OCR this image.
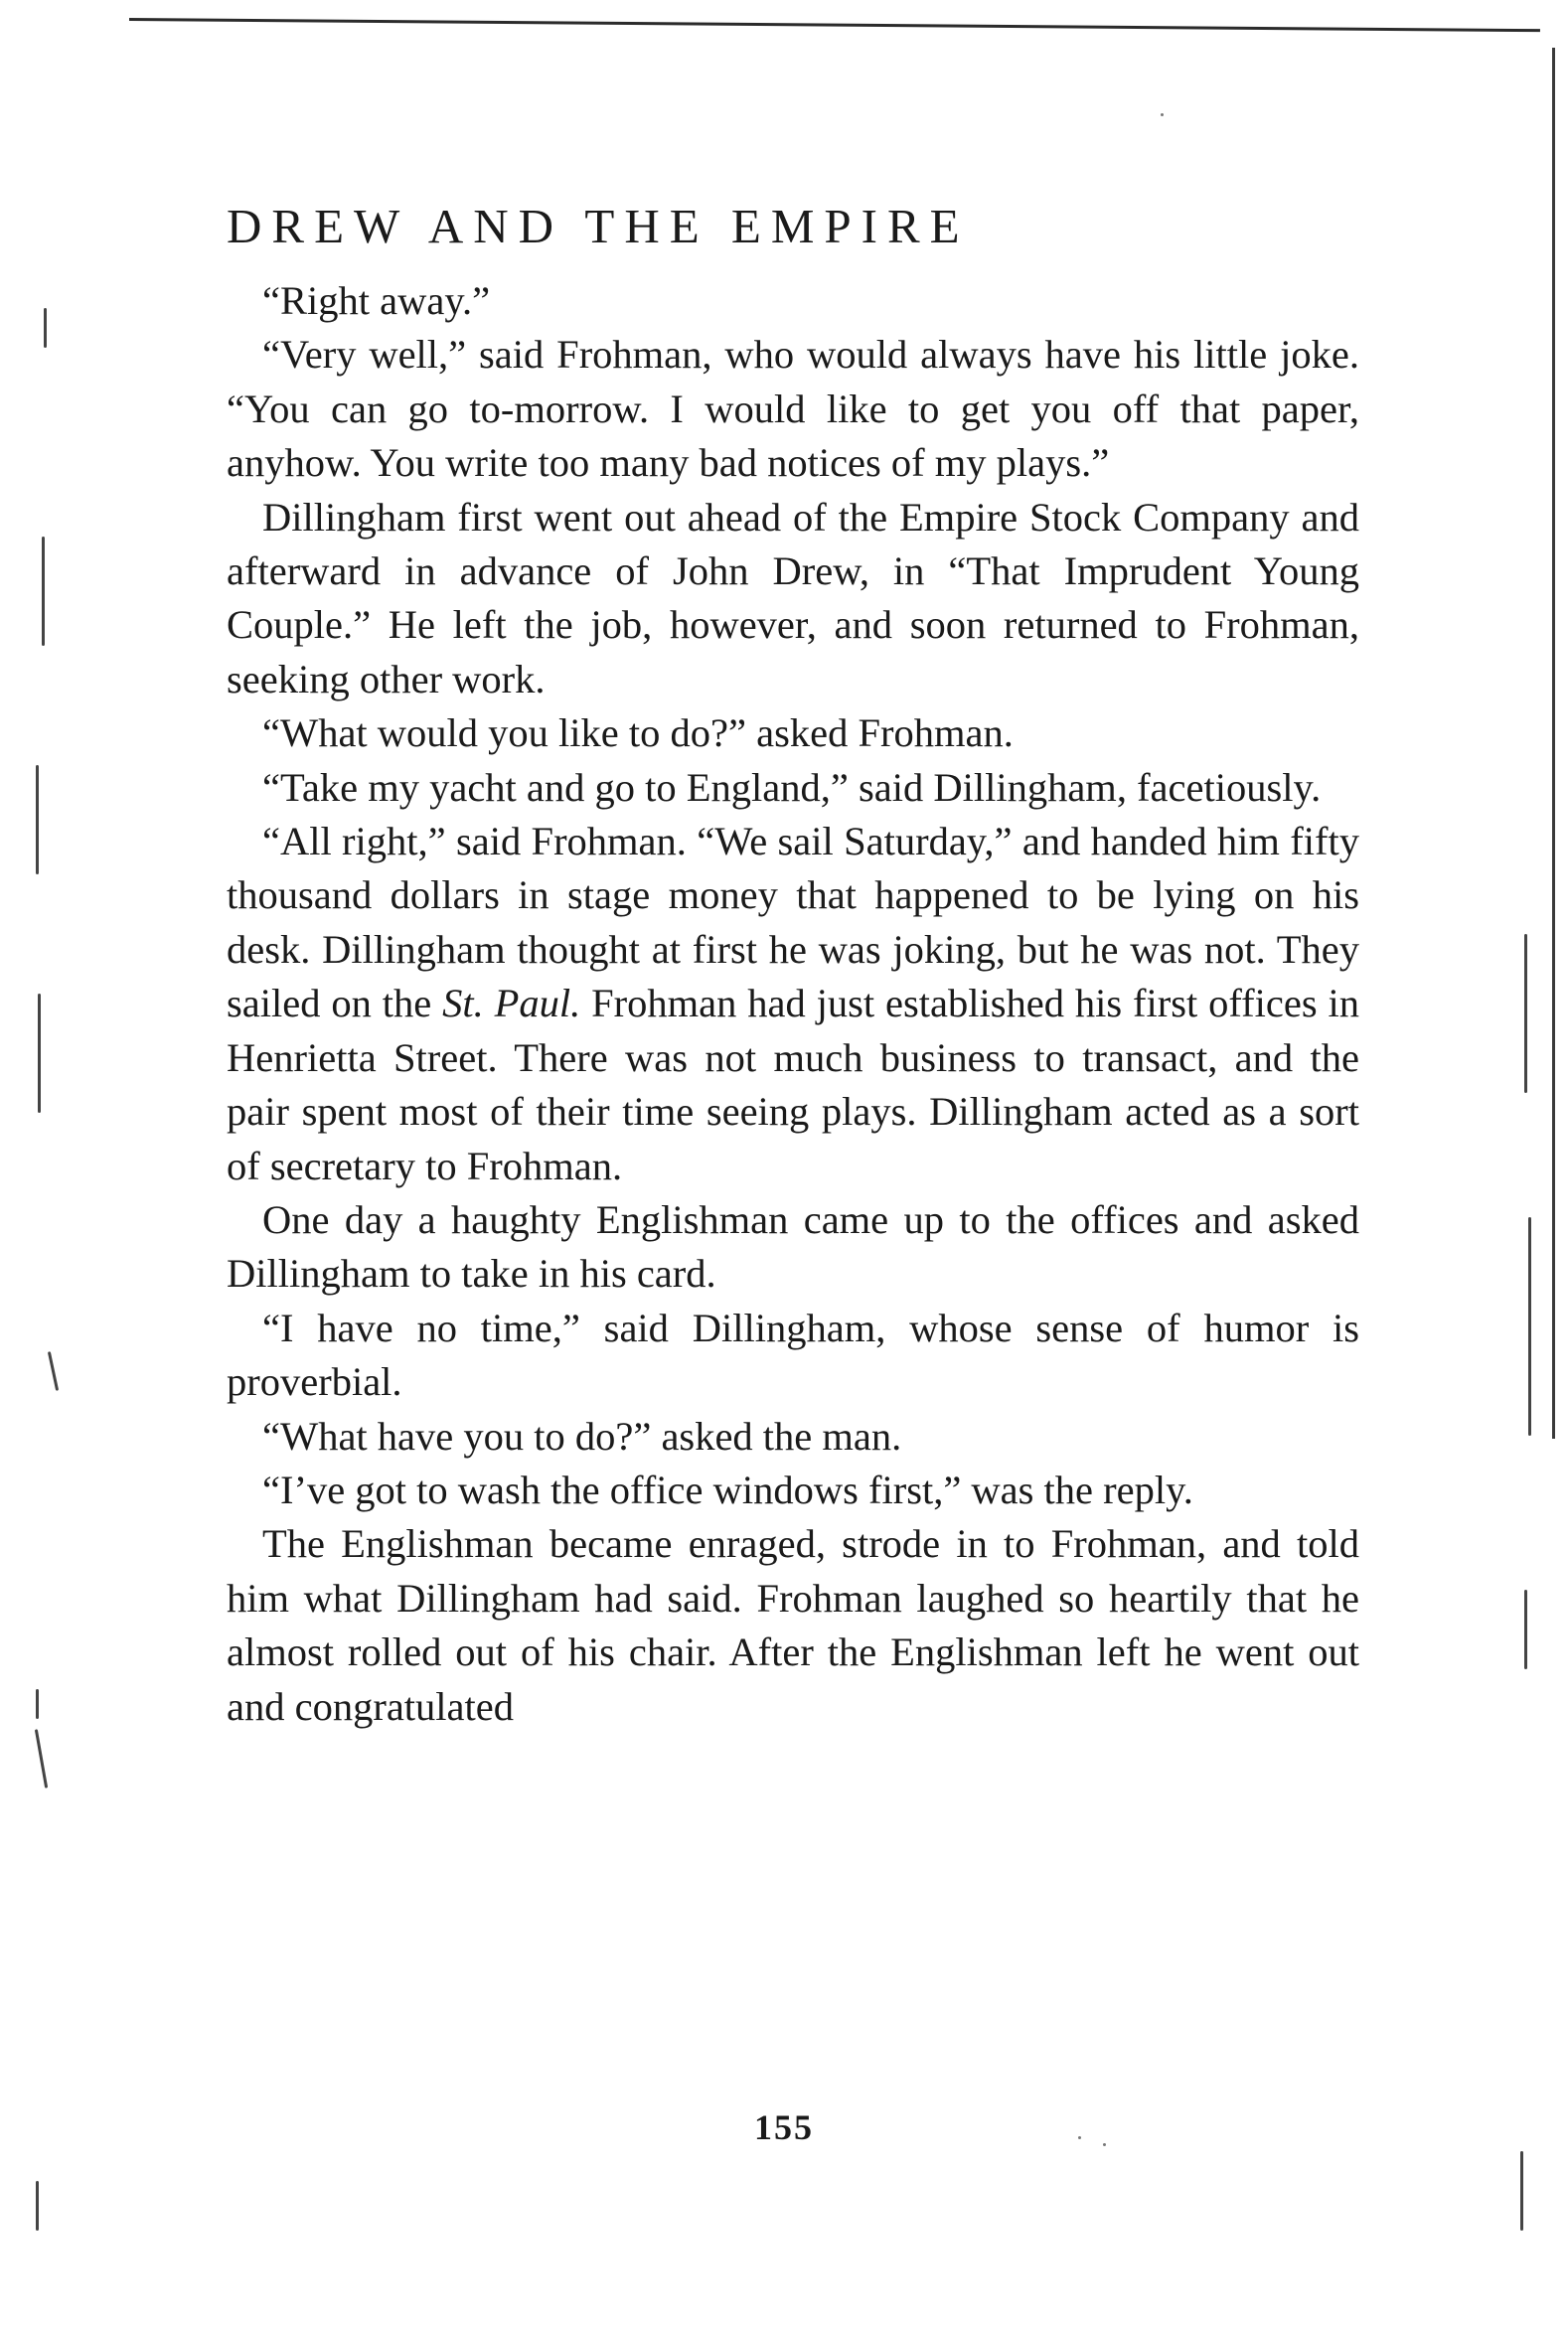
DREW AND THE EMPIRE

“Right away.”

“Very well,” said Frohman, who would always have his little joke. “You can go to-morrow. I would like to get you off that paper, anyhow. You write too many bad notices of my plays.”

Dillingham first went out ahead of the Empire Stock Company and afterward in advance of John Drew, in “That Imprudent Young Couple.” He left the job, however, and soon returned to Frohman, seeking other work.

“What would you like to do?” asked Frohman.

“Take my yacht and go to England,” said Dillingham, facetiously.

“All right,” said Frohman. “We sail Saturday,” and handed him fifty thousand dollars in stage money that happened to be lying on his desk. Dillingham thought at first he was joking, but he was not. They sailed on the St. Paul. Frohman had just established his first offices in Henrietta Street. There was not much business to transact, and the pair spent most of their time seeing plays. Dillingham acted as a sort of secretary to Frohman.

One day a haughty Englishman came up to the offices and asked Dillingham to take in his card.

“I have no time,” said Dillingham, whose sense of humor is proverbial.

“What have you to do?” asked the man.

“I’ve got to wash the office windows first,” was the reply.

The Englishman became enraged, strode in to Frohman, and told him what Dillingham had said. Frohman laughed so heartily that he almost rolled out of his chair. After the Englishman left he went out and congratulated

155
